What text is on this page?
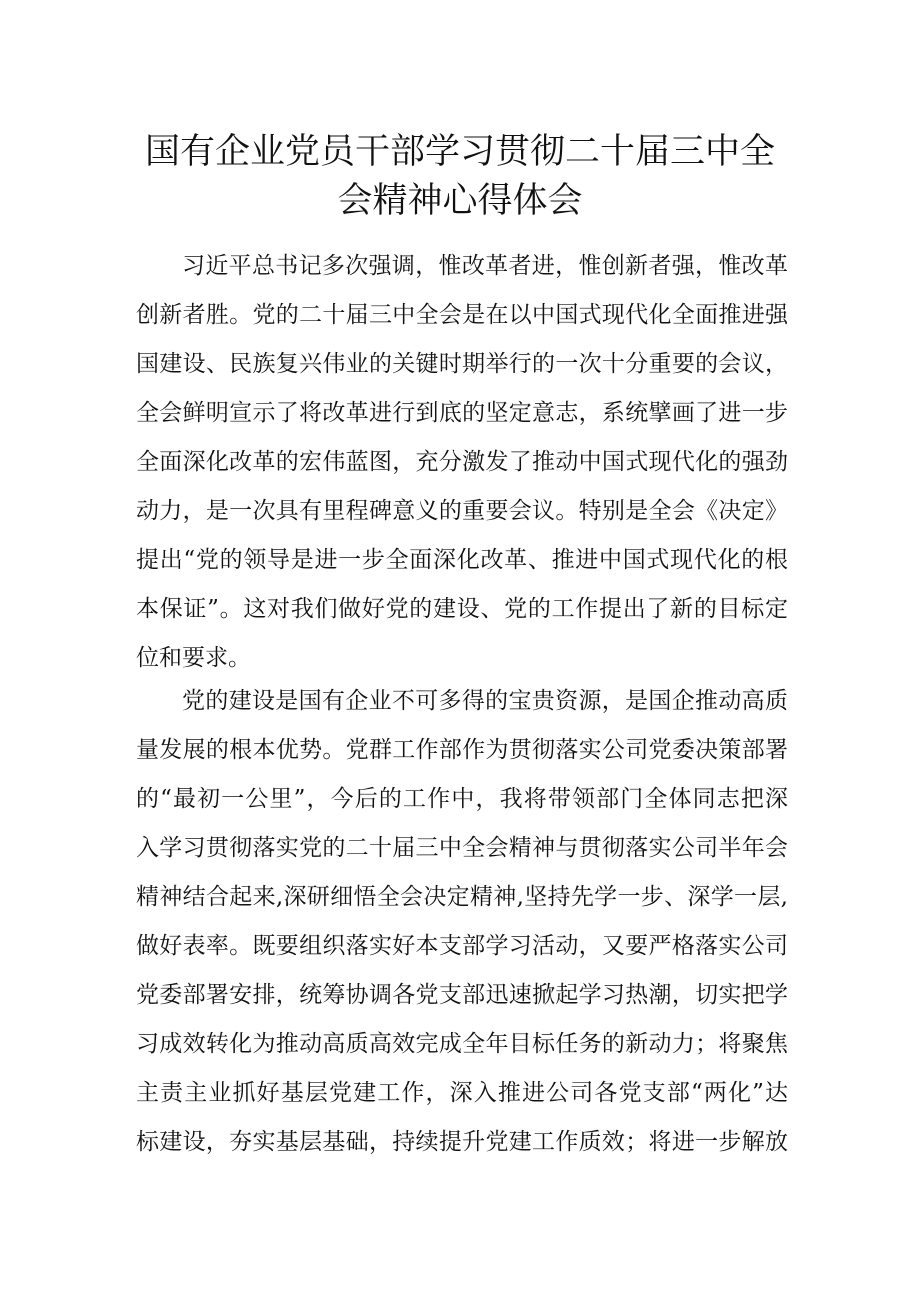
国有企业党员干部学习贯彻二十届三中全
会精神心得体会
习近平总书记多次强调，惟改革者进，惟创新者强，惟改革
创新者胜。党的二十届三中全会是在以中国式现代化全面推进强
国建设、民族复兴伟业的关键时期举行的一次十分重要的会议，
全会鲜明宣示了将改革进行到底的坚定意志，系统擘画了进一步
全面深化改革的宏伟蓝图，充分激发了推动中国式现代化的强劲
动力，是一次具有里程碑意义的重要会议。特别是全会《决定》
提出“党的领导是进一步全面深化改革、推进中国式现代化的根
本保证”。这对我们做好党的建设、党的工作提出了新的目标定
位和要求。
党的建设是国有企业不可多得的宝贵资源，是国企推动高质
量发展的根本优势。党群工作部作为贯彻落实公司党委决策部署
的“最初一公里”，今后的工作中，我将带领部门全体同志把深
入学习贯彻落实党的二十届三中全会精神与贯彻落实公司半年会
精神结合起来,深研细悟全会决定精神,坚持先学一步、深学一层,
做好表率。既要组织落实好本支部学习活动，又要严格落实公司
党委部署安排，统筹协调各党支部迅速掀起学习热潮，切实把学
习成效转化为推动高质高效完成全年目标任务的新动力；将聚焦
主责主业抓好基层党建工作，深入推进公司各党支部“两化”达
标建设，夯实基层基础，持续提升党建工作质效；将进一步解放
